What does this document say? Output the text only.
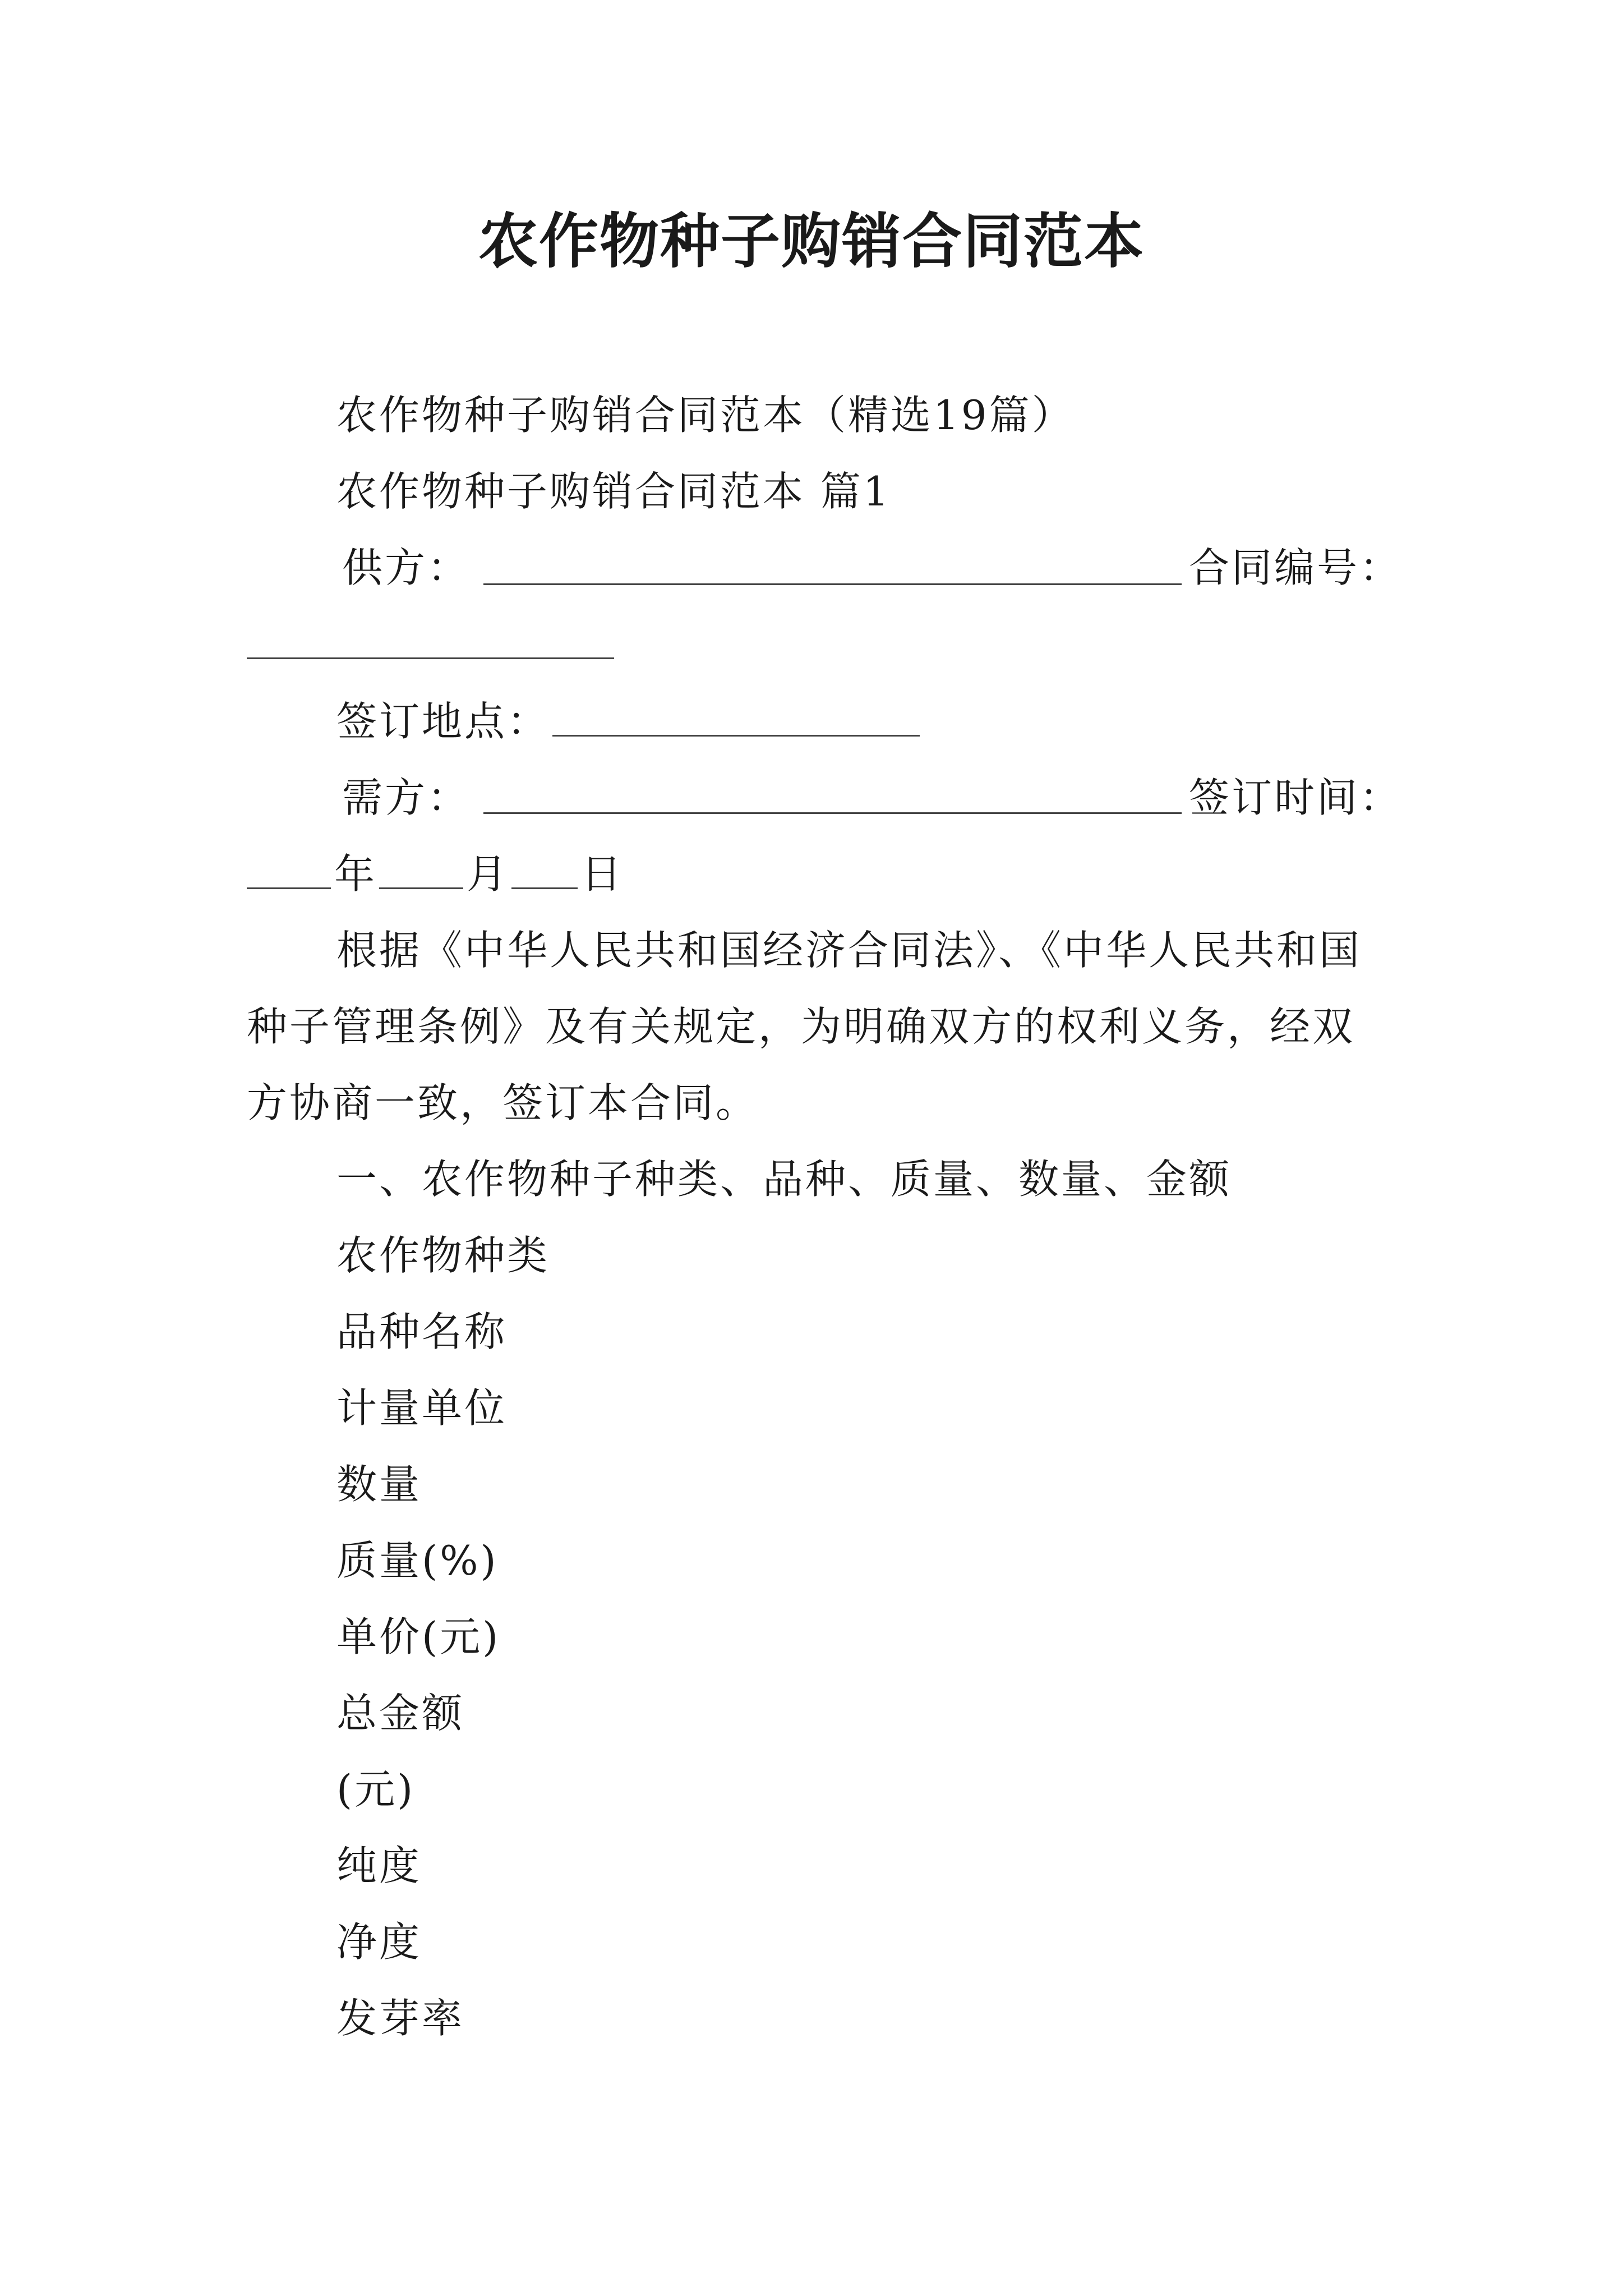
农作物种子购销合同范本
农作物种子购销合同范本（精选19篇）
农作物种子购销合同范本 篇1
供方：	合同编号：
签订地点：
需方：	签订时间：
年 月 日
根据《中华人民共和国经济合同法》、《中华人民共和国
种子管理条例》及有关规定，为明确双方的权利义务，经双
方协商一致，签订本合同。
一、农作物种子种类、品种、质量、数量、金额
农作物种类
品种名称
计量单位
数量
质量(%)
单价(元)
总金额
(元)
纯度
净度
发芽率
